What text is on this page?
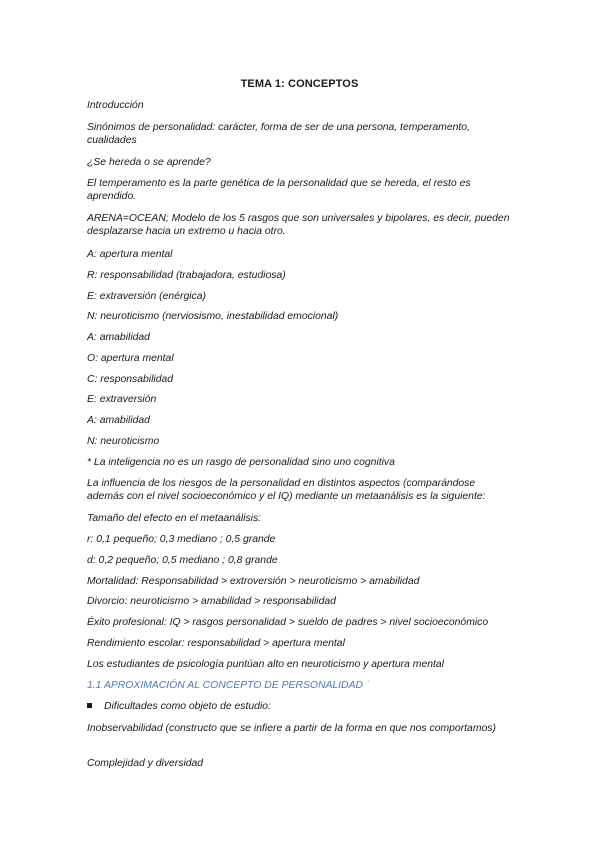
TEMA 1: CONCEPTOS
Introducción
Sinónimos de personalidad: carácter, forma de ser de una persona, temperamento, cualidades
¿Se hereda o se aprende?
El temperamento es la parte genética de la personalidad que se hereda, el resto es aprendido.
ARENA=OCEAN; Modelo de los 5 rasgos que son universales y bipolares, es decir, pueden desplazarse hacia un extremo u hacia otro.
A: apertura mental
R: responsabilidad (trabajadora, estudiosa)
E: extraversión (enérgica)
N: neuroticismo (nerviosismo, inestabilidad emocional)
A: amabilidad
O: apertura mental
C: responsabilidad
E: extraversión
A: amabilidad
N: neuroticismo
* La inteligencia no es un rasgo de personalidad sino uno cognitiva
La influencia de los riesgos de la personalidad en distintos aspectos (comparándose además con el nivel socioeconómico y el IQ) mediante un metaanálisis es la siguiente:
Tamaño del efecto en el metaanálisis:
r: 0,1 pequeño; 0,3 mediano ; 0,5 grande
d: 0,2 pequeño; 0,5 mediano ; 0,8 grande
Mortalidad: Responsabilidad > extroversión > neuroticismo > amabilidad
Divorcio: neuroticismo > amabilidad > responsabilidad
Éxito profesional: IQ > rasgos personalidad > sueldo de padres > nivel socioeconómico
Rendimiento escolar: responsabilidad > apertura mental
Los estudiantes de psicología puntúan alto en neuroticismo y apertura mental
1.1 APROXIMACIÓN AL CONCEPTO DE PERSONALIDAD ˙
Dificultades como objeto de estudio:
Inobservabilidad (constructo que se infiere a partir de la forma en que nos comportamos)
Complejidad y diversidad
